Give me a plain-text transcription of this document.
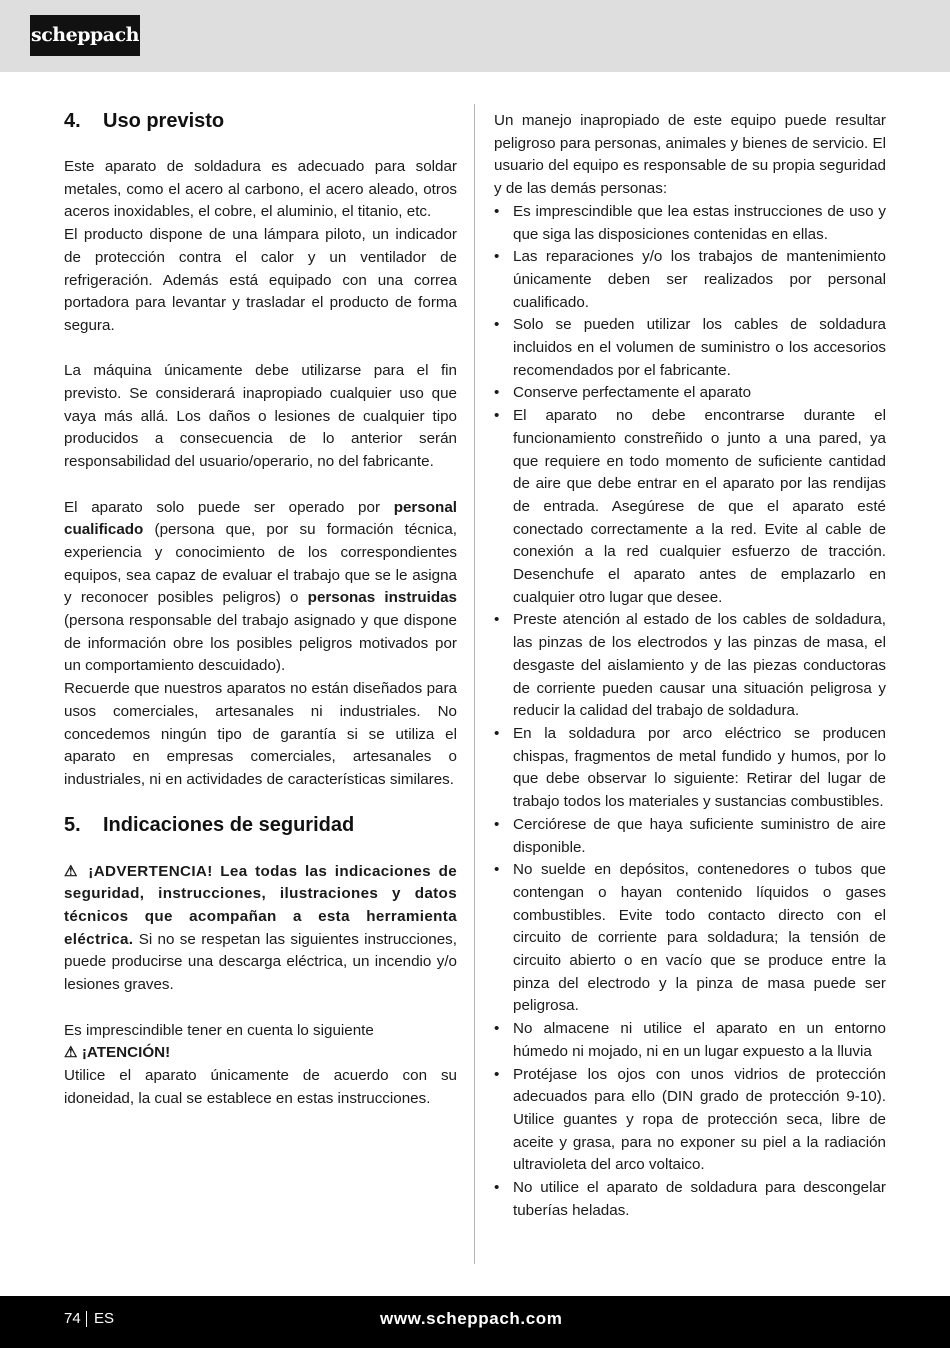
scheppach
4.	Uso previsto

Este aparato de soldadura es adecuado para soldar metales, como el acero al carbono, el acero aleado, otros aceros inoxidables, el cobre, el aluminio, el titanio, etc.

El producto dispone de una lámpara piloto, un indicador de protección contra el calor y un ventilador de refrigeración. Además está equipado con una correa portadora para levantar y trasladar el producto de forma segura.

La máquina únicamente debe utilizarse para el fin previsto. Se considerará inapropiado cualquier uso que vaya más allá. Los daños o lesiones de cualquier tipo producidos a consecuencia de lo anterior serán responsabilidad del usuario/operario, no del fabricante.

El aparato solo puede ser operado por personal cualificado (persona que, por su formación técnica, experiencia y conocimiento de los correspondientes equipos, sea capaz de evaluar el trabajo que se le asigna y reconocer posibles peligros) o personas instruidas (persona responsable del trabajo asignado y que dispone de información obre los posibles peligros motivados por un comportamiento descuidado).

Recuerde que nuestros aparatos no están diseñados para usos comerciales, artesanales ni industriales. No concedemos ningún tipo de garantía si se utiliza el aparato en empresas comerciales, artesanales o industriales, ni en actividades de características similares.

5.	Indicaciones de seguridad

⚠ ¡ADVERTENCIA! Lea todas las indicaciones de seguridad, instrucciones, ilustraciones y datos técnicos que acompañan a esta herramienta eléctrica. Si no se respetan las siguientes instrucciones, puede producirse una descarga eléctrica, un incendio y/o lesiones graves.

Es imprescindible tener en cuenta lo siguiente

⚠ ¡ATENCIÓN!

Utilice el aparato únicamente de acuerdo con su idoneidad, la cual se establece en estas instrucciones.

Un manejo inapropiado de este equipo puede resultar peligroso para personas, animales y bienes de servicio. El usuario del equipo es responsable de su propia seguridad y de las demás personas:

• Es imprescindible que lea estas instrucciones de uso y que siga las disposiciones contenidas en ellas.
• Las reparaciones y/o los trabajos de mantenimiento únicamente deben ser realizados por personal cualificado.
• Solo se pueden utilizar los cables de soldadura incluidos en el volumen de suministro o los accesorios recomendados por el fabricante.
• Conserve perfectamente el aparato
• El aparato no debe encontrarse durante el funcionamiento constreñido o junto a una pared, ya que requiere en todo momento de suficiente cantidad de aire que debe entrar en el aparato por las rendijas de entrada. Asegúrese de que el aparato esté conectado correctamente a la red. Evite al cable de conexión a la red cualquier esfuerzo de tracción. Desenchufe el aparato antes de emplazarlo en cualquier otro lugar que desee.
• Preste atención al estado de los cables de soldadura, las pinzas de los electrodos y las pinzas de masa, el desgaste del aislamiento y de las piezas conductoras de corriente pueden causar una situación peligrosa y reducir la calidad del trabajo de soldadura.
• En la soldadura por arco eléctrico se producen chispas, fragmentos de metal fundido y humos, por lo que debe observar lo siguiente: Retirar del lugar de trabajo todos los materiales y sustancias combustibles.
• Cerciórese de que haya suficiente suministro de aire disponible.
• No suelde en depósitos, contenedores o tubos que contengan o hayan contenido líquidos o gases combustibles. Evite todo contacto directo con el circuito de corriente para soldadura; la tensión de circuito abierto o en vacío que se produce entre la pinza del electrodo y la pinza de masa puede ser peligrosa.
• No almacene ni utilice el aparato en un entorno húmedo ni mojado, ni en un lugar expuesto a la lluvia
• Protéjase los ojos con unos vidrios de protección adecuados para ello (DIN grado de protección 9-10). Utilice guantes y ropa de protección seca, libre de aceite y grasa, para no exponer su piel a la radiación ultravioleta del arco voltaico.
• No utilice el aparato de soldadura para descongelar tuberías heladas.
74 ES	www.scheppach.com
